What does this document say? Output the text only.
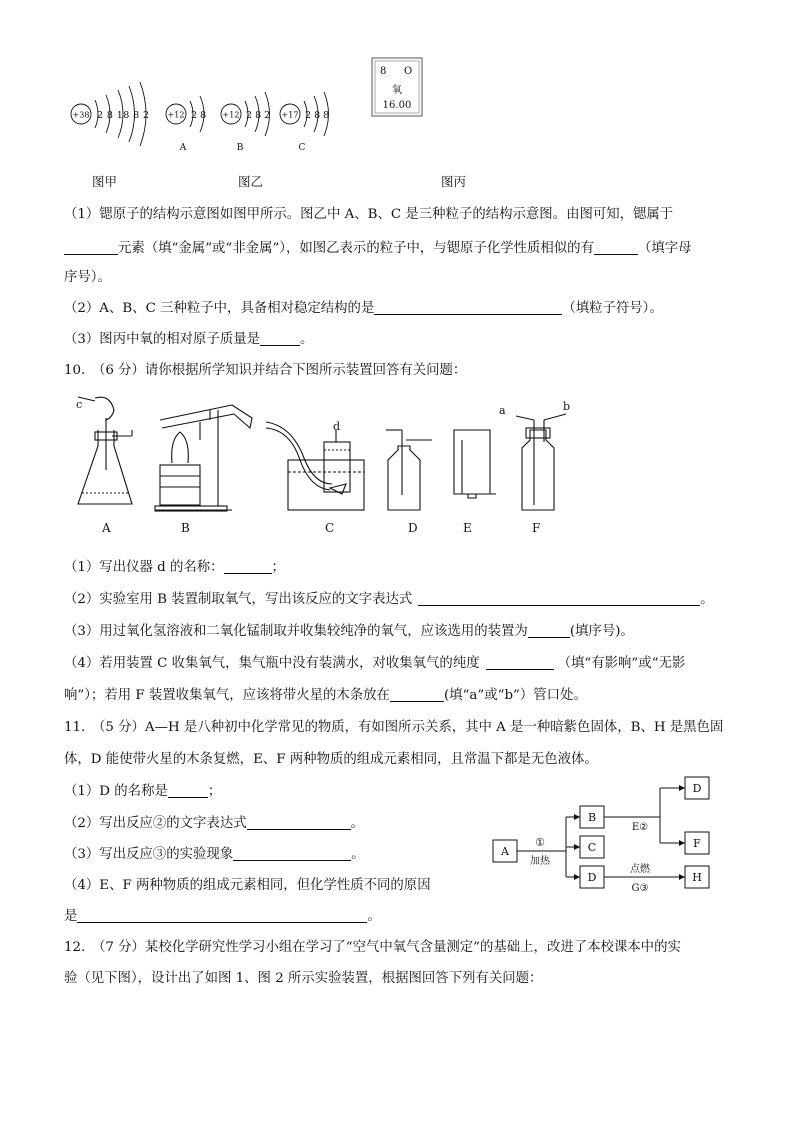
+38 2 8 18 8 2 +12 2 8
A
+12 2 8 2
B
+17 2 8 8
C
8 O
氧
16.00
图甲	图乙	图丙
（1）锶原子的结构示意图如图甲所示。图乙中 A、B、C 是三种粒子的结构示意图。由图可知，锶属于
元素（填“金属”或“非金属”），如图乙表示的粒子中，与锶原子化学性质相似的有	（填字母
序号）。
（2）A、B、C 三种粒子中，具备相对稳定结构的是	（填粒子符号）。
（3）图丙中氧的相对原子质量是	。
10.　（6 分）请你根据所学知识并结合下图所示装置回答有关问题：
c
d
a	b
A	B	C	D	E	F
（1）写出仪器 d 的名称：	；
（2）实验室用 B 装置制取氧气，写出该反应的文字表达式	。
（3）用过氧化氢溶液和二氧化锰制取并收集较纯净的氧气，应该选用的装置为	(填序号)。
（4）若用装置 C 收集氧气，集气瓶中没有装满水，对收集氧气的纯度	（填“有影响”或“无影
响”）；若用 F 装置收集氧气，应该将带火星的木条放在	(填“a”或“b”）管口处。
11.　（5 分）A—H 是八种初中化学常见的物质，有如图所示关系，其中 A 是一种暗紫色固体，B、H 是黑色固
体，D 能使带火星的木条复燃，E、F 两种物质的组成元素相同，且常温下都是无色液体。
（1）D 的名称是	；
（2）写出反应②的文字表达式	。
（3）写出反应③的实验现象	。
（4）E、F 两种物质的组成元素相同，但化学性质不同的原因
是	。
A
B
C
D
D
F
H
①
加热
E②
点燃
G③
12.　（7 分）某校化学研究性学习小组在学习了“空气中氧气含量测定”的基础上，改进了本校课本中的实
验（见下图），设计出了如图 1、图 2 所示实验装置，根据图回答下列有关问题：
